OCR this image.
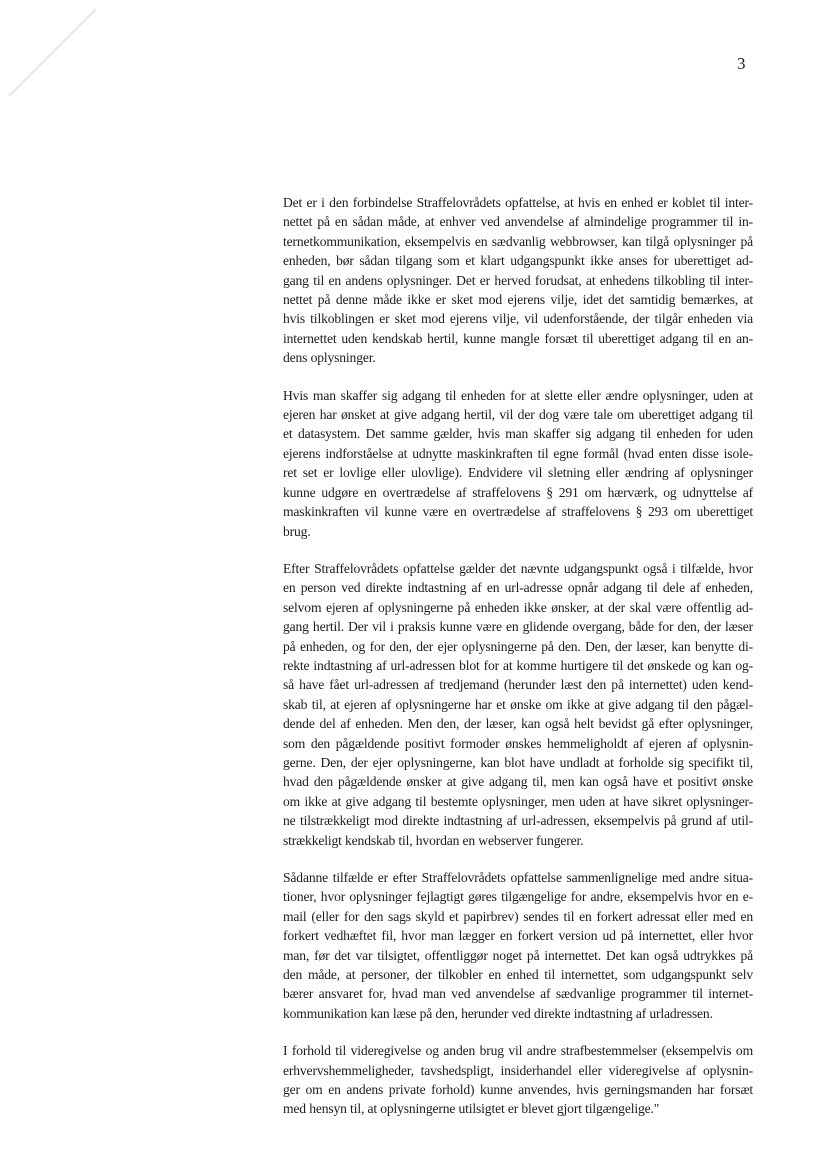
3
Det er i den forbindelse Straffelovrådets opfattelse, at hvis en enhed er koblet til inter-
nettet på en sådan måde, at enhver ved anvendelse af almindelige programmer til in-
ternetkommunikation, eksempelvis en sædvanlig webbrowser, kan tilgå oplysninger på
enheden, bør sådan tilgang som et klart udgangspunkt ikke anses for uberettiget ad-
gang til en andens oplysninger. Det er herved forudsat, at enhedens tilkobling til inter-
nettet på denne måde ikke er sket mod ejerens vilje, idet det samtidig bemærkes, at
hvis tilkoblingen er sket mod ejerens vilje, vil udenforstående, der tilgår enheden via
internettet uden kendskab hertil, kunne mangle forsæt til uberettiget adgang til en an-
dens oplysninger.
Hvis man skaffer sig adgang til enheden for at slette eller ændre oplysninger, uden at
ejeren har ønsket at give adgang hertil, vil der dog være tale om uberettiget adgang til
et datasystem. Det samme gælder, hvis man skaffer sig adgang til enheden for uden
ejerens indforståelse at udnytte maskinkraften til egne formål (hvad enten disse isole-
ret set er lovlige eller ulovlige). Endvidere vil sletning eller ændring af oplysninger
kunne udgøre en overtrædelse af straffelovens § 291 om hærværk, og udnyttelse af
maskinkraften vil kunne være en overtrædelse af straffelovens § 293 om uberettiget
brug.
Efter Straffelovrådets opfattelse gælder det nævnte udgangspunkt også i tilfælde, hvor
en person ved direkte indtastning af en url-adresse opnår adgang til dele af enheden,
selvom ejeren af oplysningerne på enheden ikke ønsker, at der skal være offentlig ad-
gang hertil. Der vil i praksis kunne være en glidende overgang, både for den, der læser
på enheden, og for den, der ejer oplysningerne på den. Den, der læser, kan benytte di-
rekte indtastning af url-adressen blot for at komme hurtigere til det ønskede og kan og-
så have fået url-adressen af tredjemand (herunder læst den på internettet) uden kend-
skab til, at ejeren af oplysningerne har et ønske om ikke at give adgang til den pågæl-
dende del af enheden. Men den, der læser, kan også helt bevidst gå efter oplysninger,
som den pågældende positivt formoder ønskes hemmeligholdt af ejeren af oplysnin-
gerne. Den, der ejer oplysningerne, kan blot have undladt at forholde sig specifikt til,
hvad den pågældende ønsker at give adgang til, men kan også have et positivt ønske
om ikke at give adgang til bestemte oplysninger, men uden at have sikret oplysninger-
ne tilstrækkeligt mod direkte indtastning af url-adressen, eksempelvis på grund af util-
strækkeligt kendskab til, hvordan en webserver fungerer.
Sådanne tilfælde er efter Straffelovrådets opfattelse sammenlignelige med andre situa-
tioner, hvor oplysninger fejlagtigt gøres tilgængelige for andre, eksempelvis hvor en e-
mail (eller for den sags skyld et papirbrev) sendes til en forkert adressat eller med en
forkert vedhæftet fil, hvor man lægger en forkert version ud på internettet, eller hvor
man, før det var tilsigtet, offentliggør noget på internettet. Det kan også udtrykkes på
den måde, at personer, der tilkobler en enhed til internettet, som udgangspunkt selv
bærer ansvaret for, hvad man ved anvendelse af sædvanlige programmer til internet-
kommunikation kan læse på den, herunder ved direkte indtastning af urladressen.
I forhold til videregivelse og anden brug vil andre strafbestemmelser (eksempelvis om
erhvervshemmeligheder, tavshedspligt, insiderhandel eller videregivelse af oplysnin-
ger om en andens private forhold) kunne anvendes, hvis gerningsmanden har forsæt
med hensyn til, at oplysningerne utilsigtet er blevet gjort tilgængelige."
